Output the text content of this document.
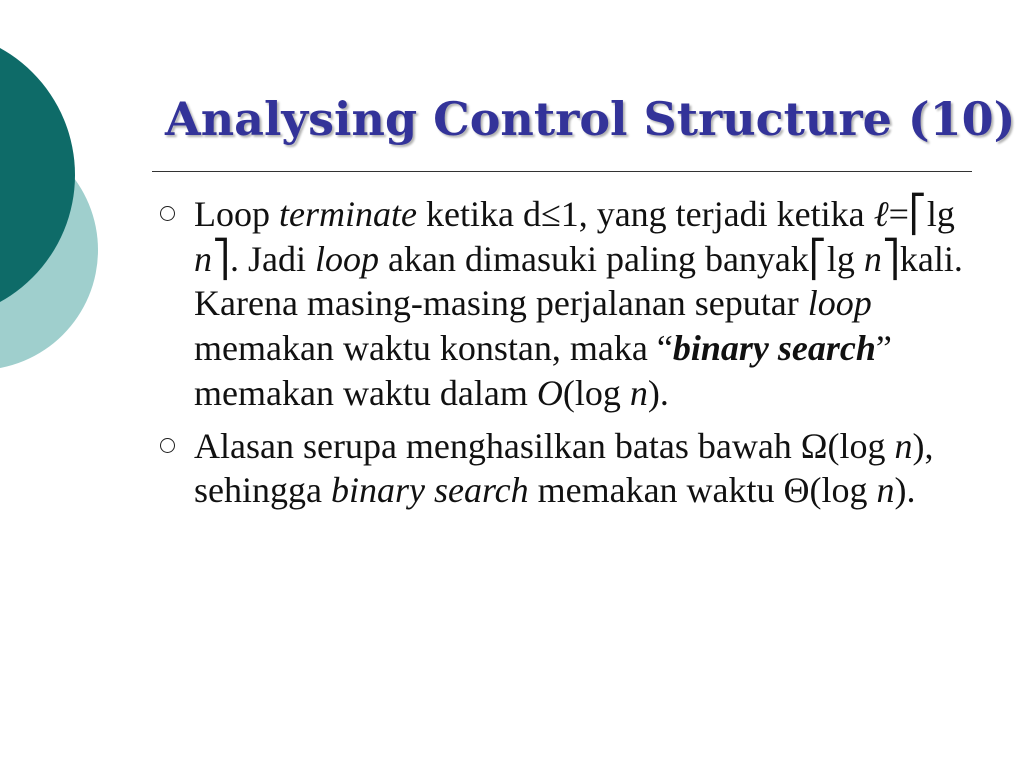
Analysing Control Structure (10)
Loop terminate ketika d≤1, yang terjadi ketika ℓ=⎡lg n⎤. Jadi loop akan dimasuki paling banyak⎡lg n⎤kali. Karena masing-masing perjalanan seputar loop memakan waktu konstan, maka “binary search” memakan waktu dalam O(log n).
Alasan serupa menghasilkan batas bawah Ω(log n), sehingga binary search memakan waktu Θ(log n).
